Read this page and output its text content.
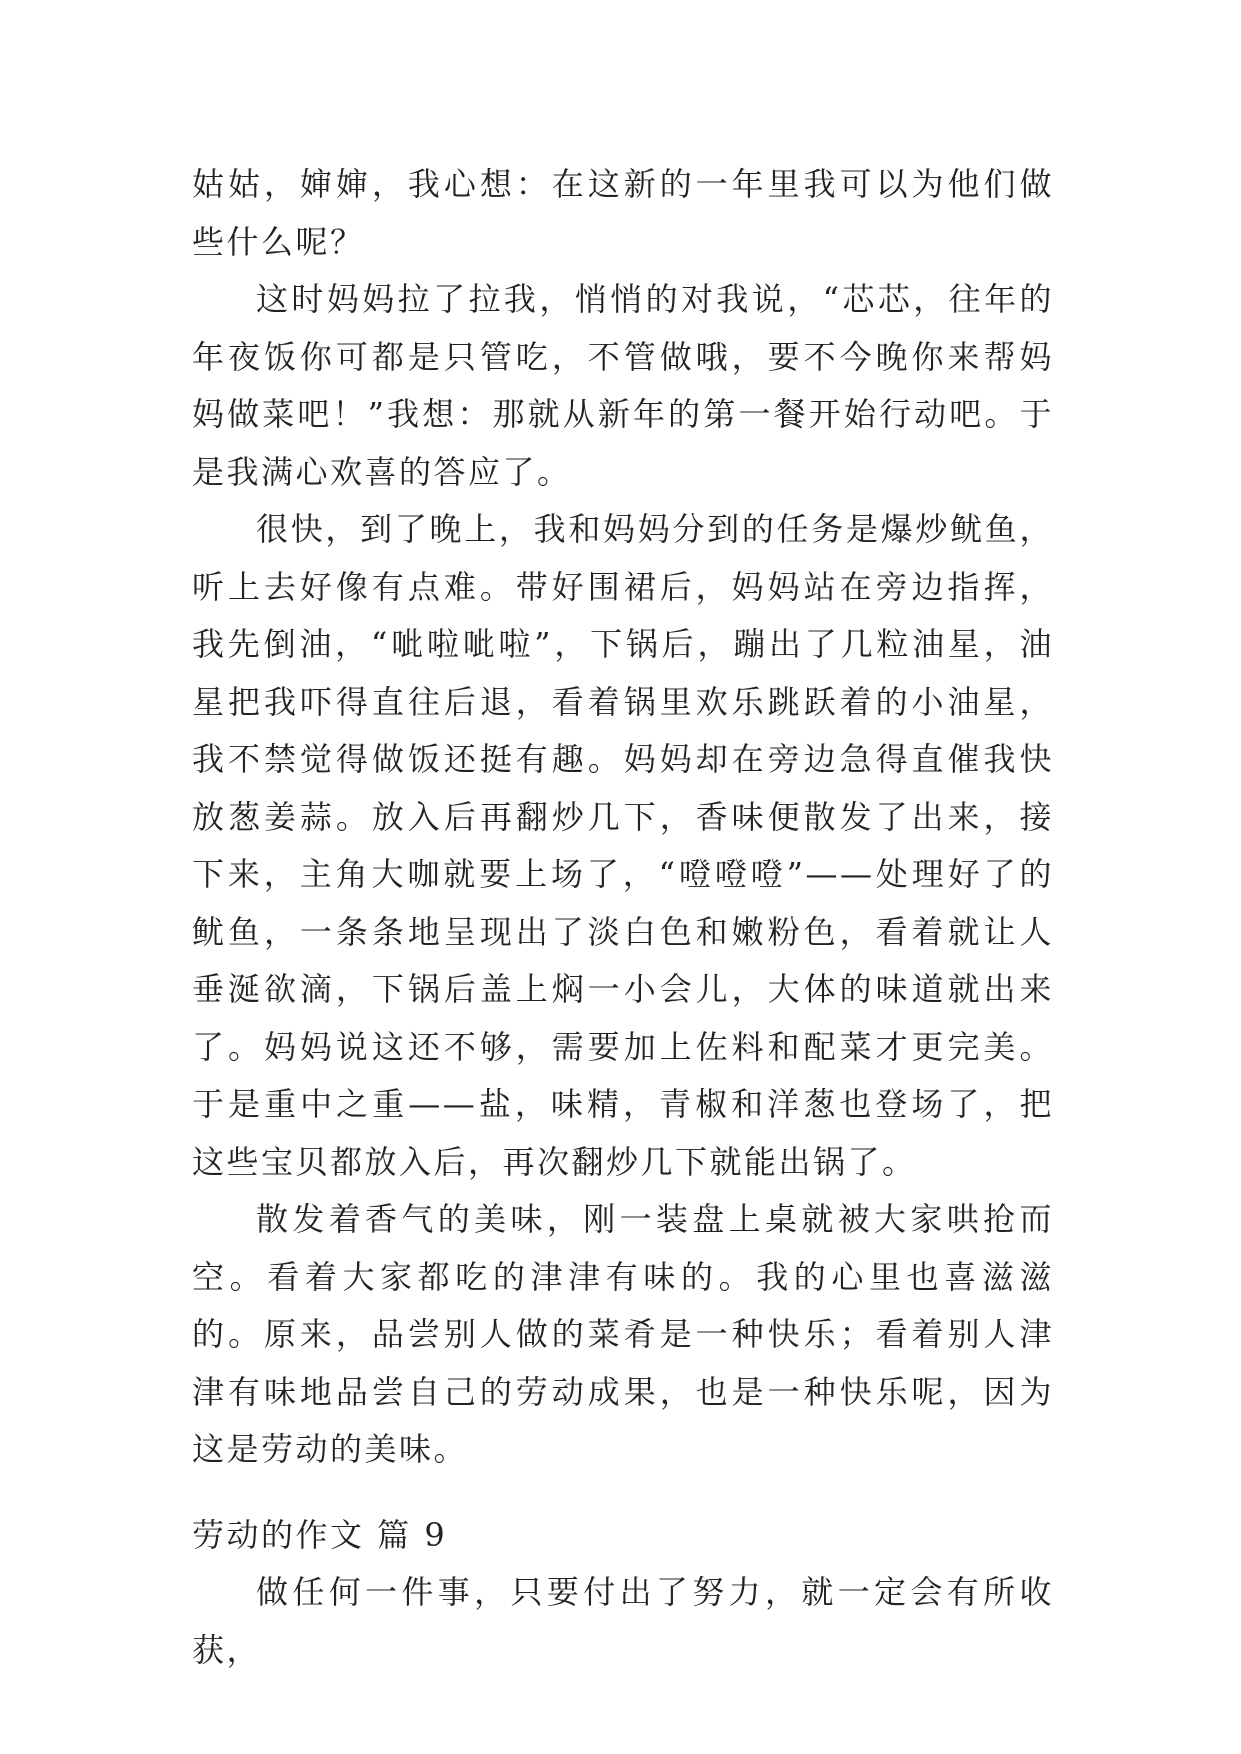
姑姑，婶婶，我心想：在这新的一年里我可以为他们做些什么呢？

这时妈妈拉了拉我，悄悄的对我说，“芯芯，往年的年夜饭你可都是只管吃，不管做哦，要不今晚你来帮妈妈做菜吧！”我想：那就从新年的第一餐开始行动吧。于是我满心欢喜的答应了。

很快，到了晚上，我和妈妈分到的任务是爆炒鱿鱼，听上去好像有点难。带好围裙后，妈妈站在旁边指挥，我先倒油，“呲啦呲啦”，下锅后，蹦出了几粒油星，油星把我吓得直往后退，看着锅里欢乐跳跃着的小油星，我不禁觉得做饭还挺有趣。妈妈却在旁边急得直催我快放葱姜蒜。放入后再翻炒几下，香味便散发了出来，接下来，主角大咖就要上场了，“噔噔噔”——处理好了的鱿鱼，一条条地呈现出了淡白色和嫩粉色，看着就让人垂涎欲滴，下锅后盖上焖一小会儿，大体的味道就出来了。妈妈说这还不够，需要加上佐料和配菜才更完美。于是重中之重——盐，味精，青椒和洋葱也登场了，把这些宝贝都放入后，再次翻炒几下就能出锅了。

散发着香气的美味，刚一装盘上桌就被大家哄抢而空。看着大家都吃的津津有味的。我的心里也喜滋滋的。原来，品尝别人做的菜肴是一种快乐；看着别人津津有味地品尝自己的劳动成果，也是一种快乐呢，因为这是劳动的美味。

劳动的作文 篇 9

做任何一件事，只要付出了努力，就一定会有所收获，
